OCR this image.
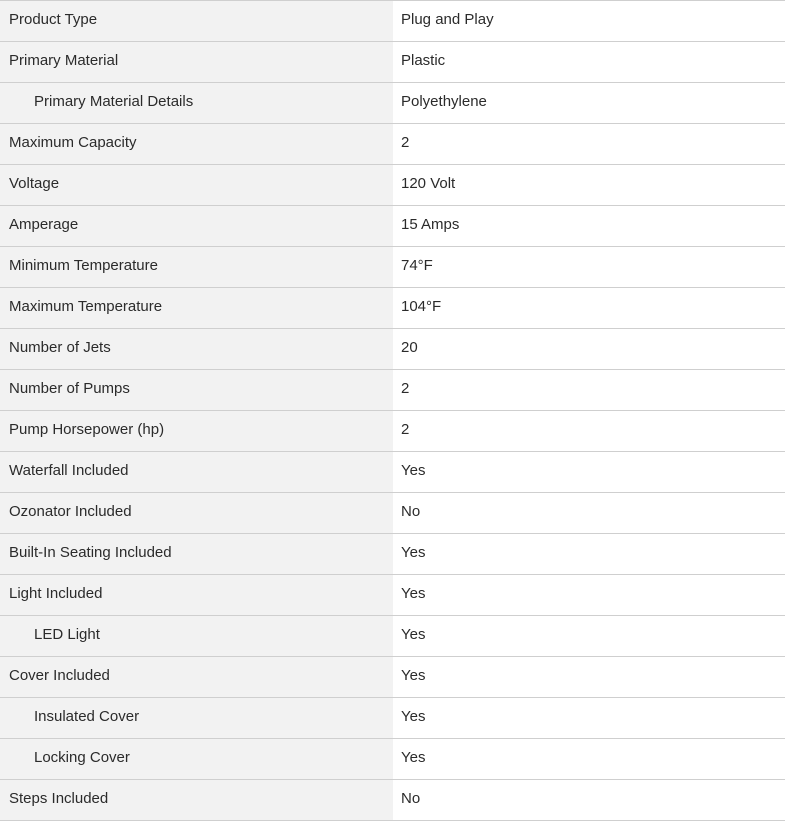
Product Type	Plug and Play
Primary Material	Plastic
Primary Material Details	Polyethylene
Maximum Capacity	2
Voltage	120 Volt
Amperage	15 Amps
Minimum Temperature	74°F
Maximum Temperature	104°F
Number of Jets	20
Number of Pumps	2
Pump Horsepower (hp)	2
Waterfall Included	Yes
Ozonator Included	No
Built-In Seating Included	Yes
Light Included	Yes
LED Light	Yes
Cover Included	Yes
Insulated Cover	Yes
Locking Cover	Yes
Steps Included	No
